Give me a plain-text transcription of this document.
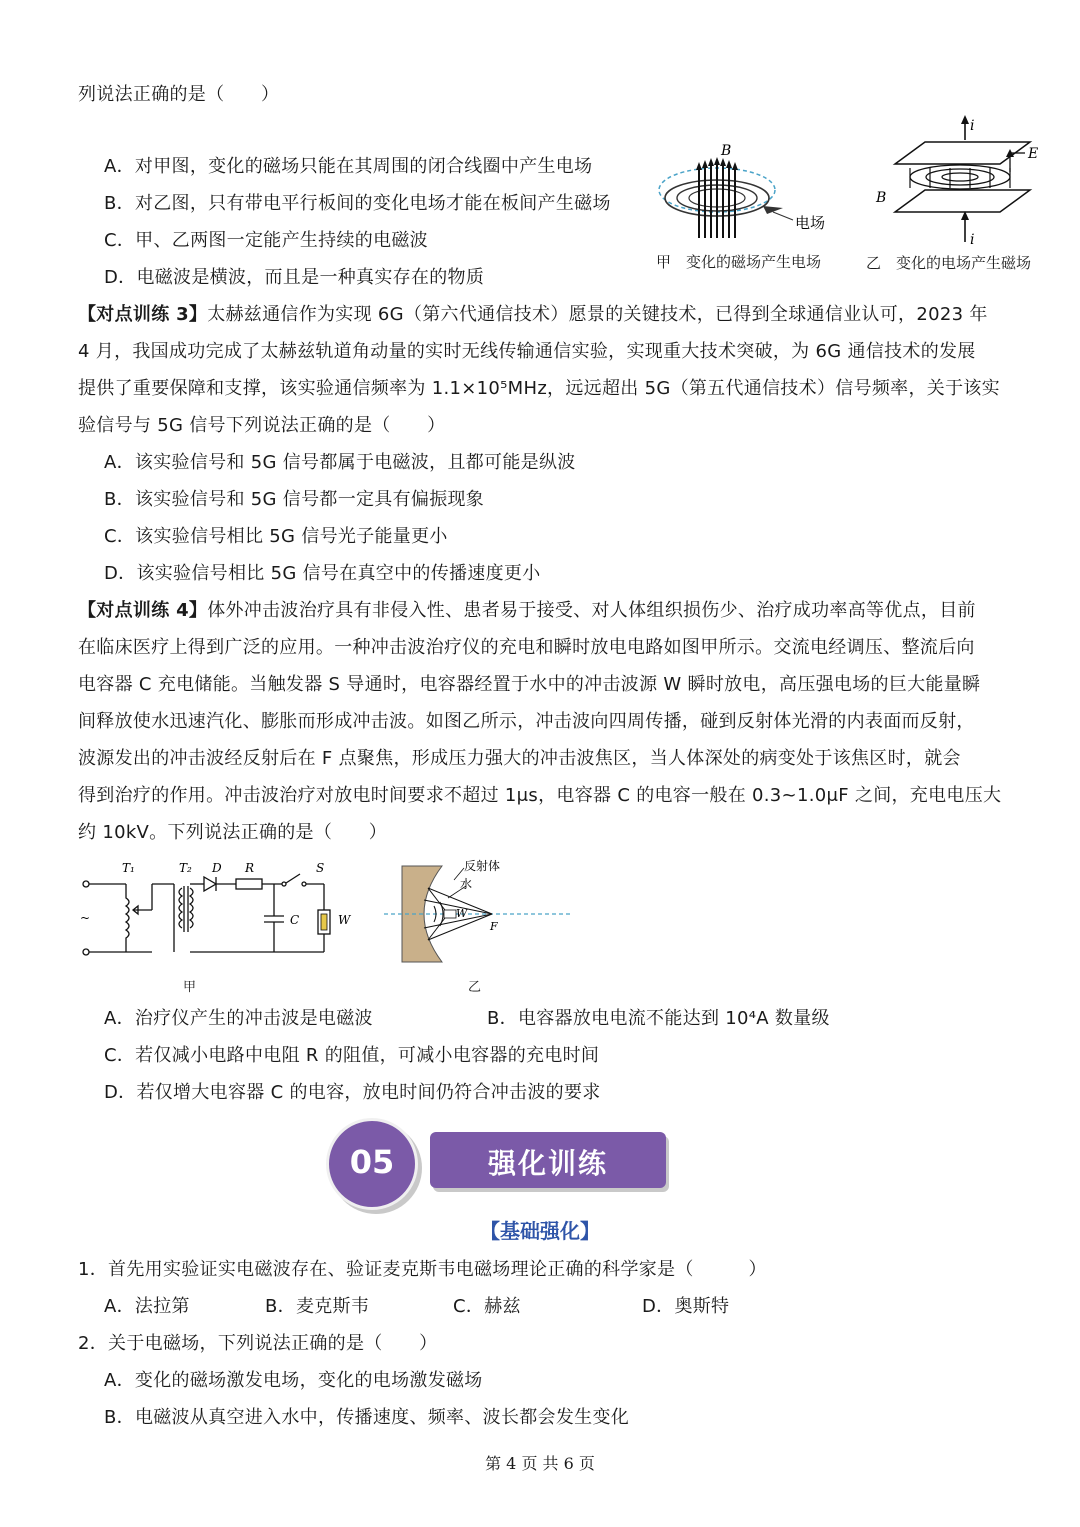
列说法正确的是（　　）
A．对甲图，变化的磁场只能在其周围的闭合线圈中产生电场
B．对乙图，只有带电平行板间的变化电场才能在板间产生磁场
C．甲、乙两图一定能产生持续的电磁波
D．电磁波是横波，而且是一种真实存在的物质
B
电场
甲　变化的磁场产生电场
i
i
E
B
乙　变化的电场产生磁场
【对点训练 3】太赫兹通信作为实现 6G（第六代通信技术）愿景的关键技术，已得到全球通信业认可，2023 年
4 月，我国成功完成了太赫兹轨道角动量的实时无线传输通信实验，实现重大技术突破，为 6G 通信技术的发展
提供了重要保障和支撑，该实验通信频率为 1.1×10⁵MHz，远远超出 5G（第五代通信技术）信号频率，关于该实
验信号与 5G 信号下列说法正确的是（　　）
A．该实验信号和 5G 信号都属于电磁波，且都可能是纵波
B．该实验信号和 5G 信号都一定具有偏振现象
C．该实验信号相比 5G 信号光子能量更小
D．该实验信号相比 5G 信号在真空中的传播速度更小
【对点训练 4】体外冲击波治疗具有非侵入性、患者易于接受、对人体组织损伤少、治疗成功率高等优点，目前
在临床医疗上得到广泛的应用。一种冲击波治疗仪的充电和瞬时放电电路如图甲所示。交流电经调压、整流后向
电容器 C 充电储能。当触发器 S 导通时，电容器经置于水中的冲击波源 W 瞬时放电，高压强电场的巨大能量瞬
间释放使水迅速汽化、膨胀而形成冲击波。如图乙所示，冲击波向四周传播，碰到反射体光滑的内表面而反射，
波源发出的冲击波经反射后在 F 点聚焦，形成压力强大的冲击波焦区，当人体深处的病变处于该焦区时，就会
得到治疗的作用。冲击波治疗对放电时间要求不超过 1μs，电容器 C 的电容一般在 0.3~1.0μF 之间，充电电压大
约 10kV。下列说法正确的是（　　）
T₁	T₂ D R	S
C	W
~
甲
反射体
水
W
F
乙
A．治疗仪产生的冲击波是电磁波	B．电容器放电电流不能达到 10⁴A 数量级
C．若仅减小电路中电阻 R 的阻值，可减小电容器的充电时间
D．若仅增大电容器 C 的电容，放电时间仍符合冲击波的要求
强化训练
05
【基础强化】
1．首先用实验证实电磁波存在、验证麦克斯韦电磁场理论正确的科学家是（　　　）
A．法拉第	B．麦克斯韦	C．赫兹	D．奥斯特
2．关于电磁场，下列说法正确的是（　　）
A．变化的磁场激发电场，变化的电场激发磁场
B．电磁波从真空进入水中，传播速度、频率、波长都会发生变化
第 4 页 共 6 页
